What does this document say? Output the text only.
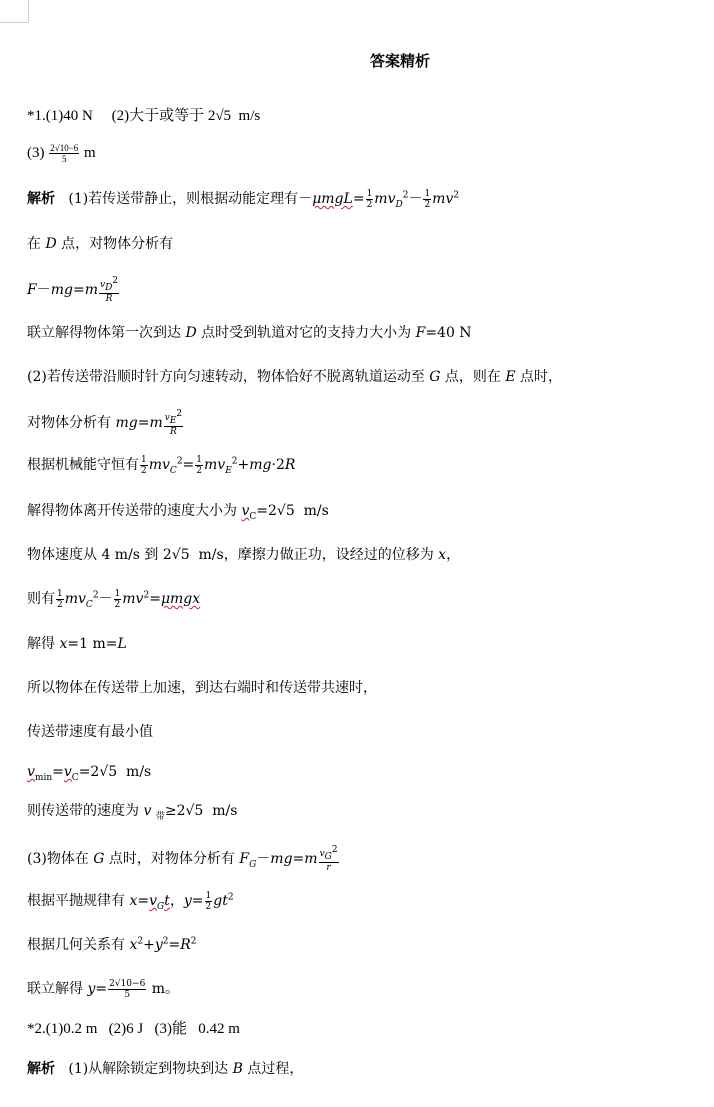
答案精析
*1.(1)40 N     (2)大于或等于 2√5  m/s
$(3) \frac{2√10-6}{5}$ m
解析   (1)若传送带静止，则根据动能定理有$-\mu mgL= \frac{1}{2} mv_D^2- \frac{1}{2} mv^2$
在 D 点，对物体分析有
$F-mg=m \frac{v_D^2}{R}$
联立解得物体第一次到达 D 点时受到轨道对它的支持力大小为 F=40 N
(2)若传送带沿顺时针方向匀速转动，物体恰好不脱离轨道运动至 G 点，则在 E 点时，
对物体分析有 $mg=m \frac{v_E^2}{R}$
根据机械能守恒有 $\frac{1}{2} mv_C^2= \frac{1}{2} mv_E^2+mg\cdot 2R$
解得物体离开传送带的速度大小为 $v_C=2√5$  m/s
物体速度从 4 m/s 到 2√5  m/s，摩擦力做正功，设经过的位移为 x，
则有 $\frac{1}{2} mv_C^2- \frac{1}{2} mv^2=\mu mgx$
解得 x=1 m=L
所以物体在传送带上加速，到达右端时和传送带共速时，
传送带速度有最小值
$v_{min}=v_C=2√5$  m/s
则传送带的速度为 v $_带$≥2√5  m/s
(3)物体在 G 点时，对物体分析有 $F_G-mg=m \frac{v_G^2}{r}$
根据平抛规律有 $x=v_Gt$，$y= \frac{1}{2} gt^2$
根据几何关系有 $x^2+y^2=R^2$
联立解得 $y= \frac{2√10-6}{5}$ m。
*2.(1)0.2 m   (2)6 J   (3)能   0.42 m
解析   (1)从解除锁定到物块到达 B 点过程，
